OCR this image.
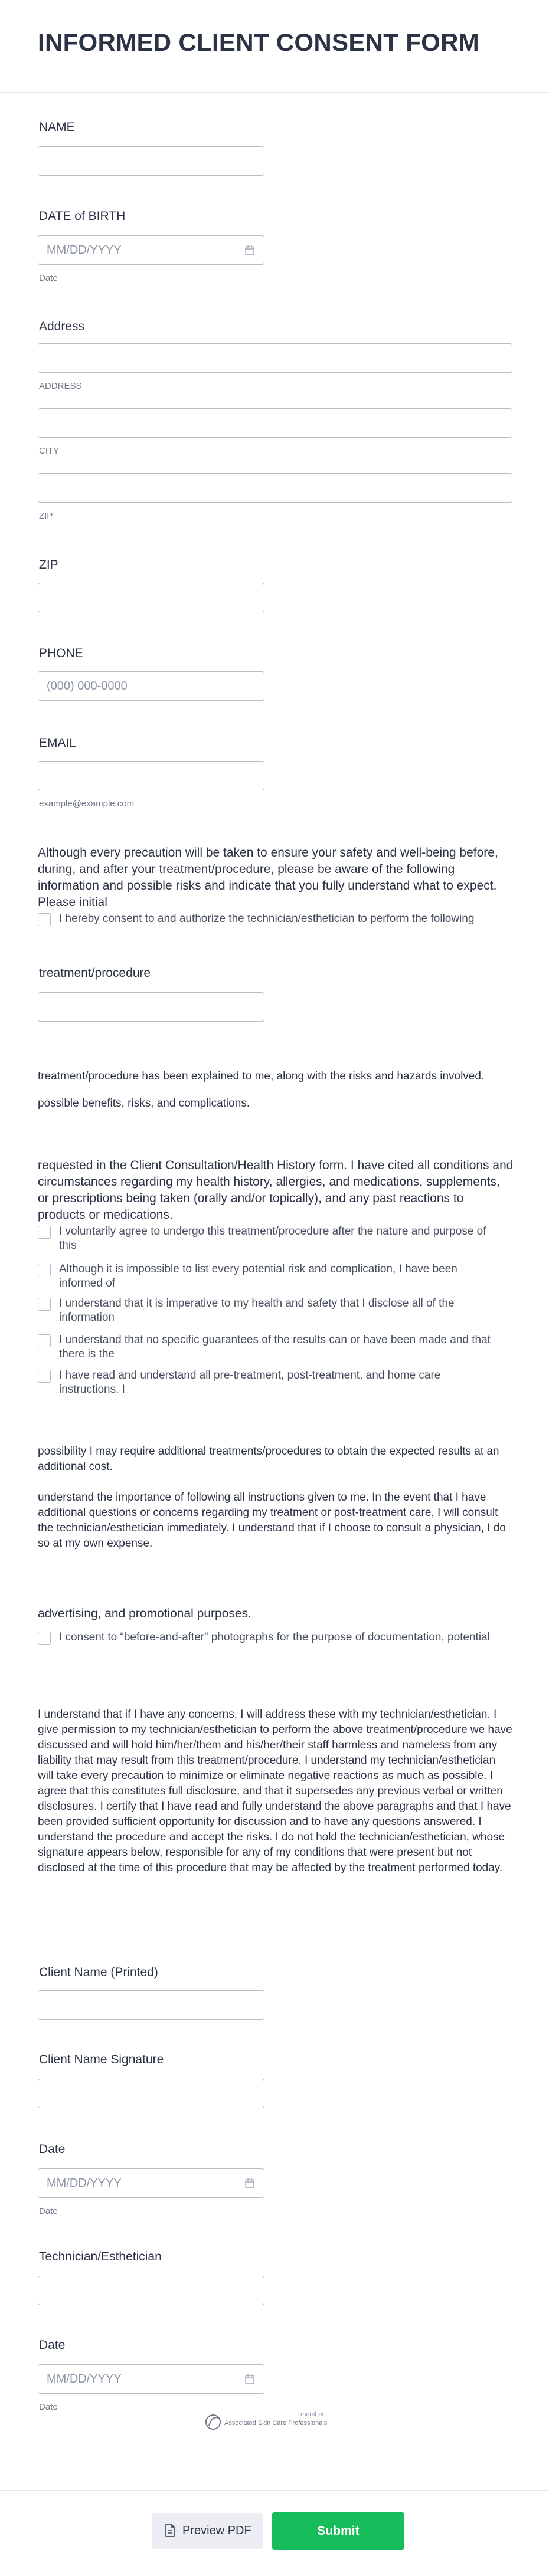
INFORMED CLIENT CONSENT FORM
NAME
DATE of BIRTH
MM/DD/YYYY
Date
Address
ADDRESS
CITY
ZIP
ZIP
PHONE
(000) 000-0000
EMAIL
example@example.com
Although every precaution will be taken to ensure your safety and well-being before, during, and after your treatment/procedure, please be aware of the following information and possible risks and indicate that you fully understand what to expect. Please initial
I hereby consent to and authorize the technician/esthetician to perform the following
treatment/procedure
treatment/procedure has been explained to me, along with the risks and hazards involved.
possible benefits, risks, and complications.
requested in the Client Consultation/Health History form. I have cited all conditions and circumstances regarding my health history, allergies, and medications, supplements, or prescriptions being taken (orally and/or topically), and any past reactions to products or medications.
I voluntarily agree to undergo this treatment/procedure after the nature and purpose of this
Although it is impossible to list every potential risk and complication, I have been informed of
I understand that it is imperative to my health and safety that I disclose all of the information
I understand that no specific guarantees of the results can or have been made and that there is the
I have read and understand all pre-treatment, post-treatment, and home care instructions. I
possibility I may require additional treatments/procedures to obtain the expected results at an additional cost.
understand the importance of following all instructions given to me. In the event that I have additional questions or concerns regarding my treatment or post-treatment care, I will consult the technician/esthetician immediately. I understand that if I choose to consult a physician, I do so at my own expense.
advertising, and promotional purposes.
I consent to “before-and-after” photographs for the purpose of documentation, potential
I understand that if I have any concerns, I will address these with my technician/esthetician. I give permission to my technician/esthetician to perform the above treatment/procedure we have discussed and will hold him/her/them and his/her/their staff harmless and nameless from any liability that may result from this treatment/procedure. I understand my technician/esthetician will take every precaution to minimize or eliminate negative reactions as much as possible. I agree that this constitutes full disclosure, and that it supersedes any previous verbal or written disclosures. I certify that I have read and fully understand the above paragraphs and that I have been provided sufficient opportunity for discussion and to have any questions answered. I understand the procedure and accept the risks. I do not hold the technician/esthetician, whose signature appears below, responsible for any of my conditions that were present but not disclosed at the time of this procedure that may be affected by the treatment performed today.
Client Name (Printed)
Client Name Signature
Date
MM/DD/YYYY
Date
Technician/Esthetician
Date
MM/DD/YYYY
Date
member
Associated Skin Care Professionals
Preview PDF	Submit
